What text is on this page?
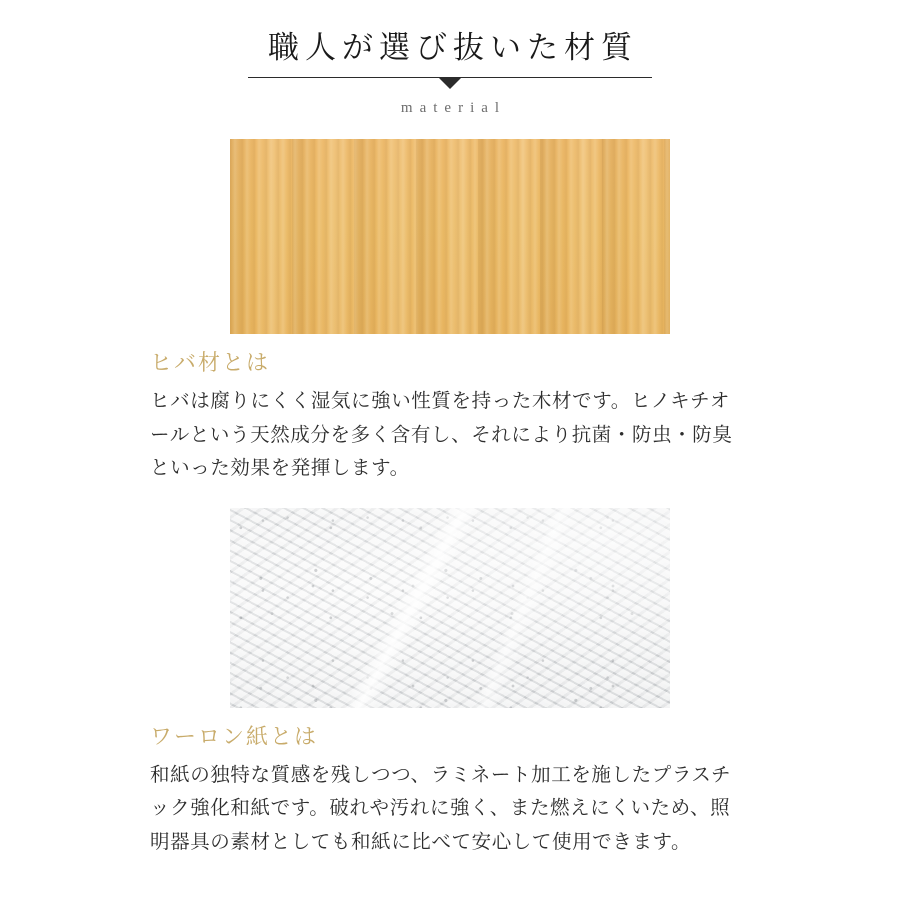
職人が選び抜いた材質
material
ヒバ材とは
ヒバは腐りにくく湿気に強い性質を持った木材です。ヒノキチオールという天然成分を多く含有し、それにより抗菌・防虫・防臭といった効果を発揮します。
ワーロン紙とは
和紙の独特な質感を残しつつ、ラミネート加工を施したプラスチック強化和紙です。破れや汚れに強く、また燃えにくいため、照明器具の素材としても和紙に比べて安心して使用できます。
